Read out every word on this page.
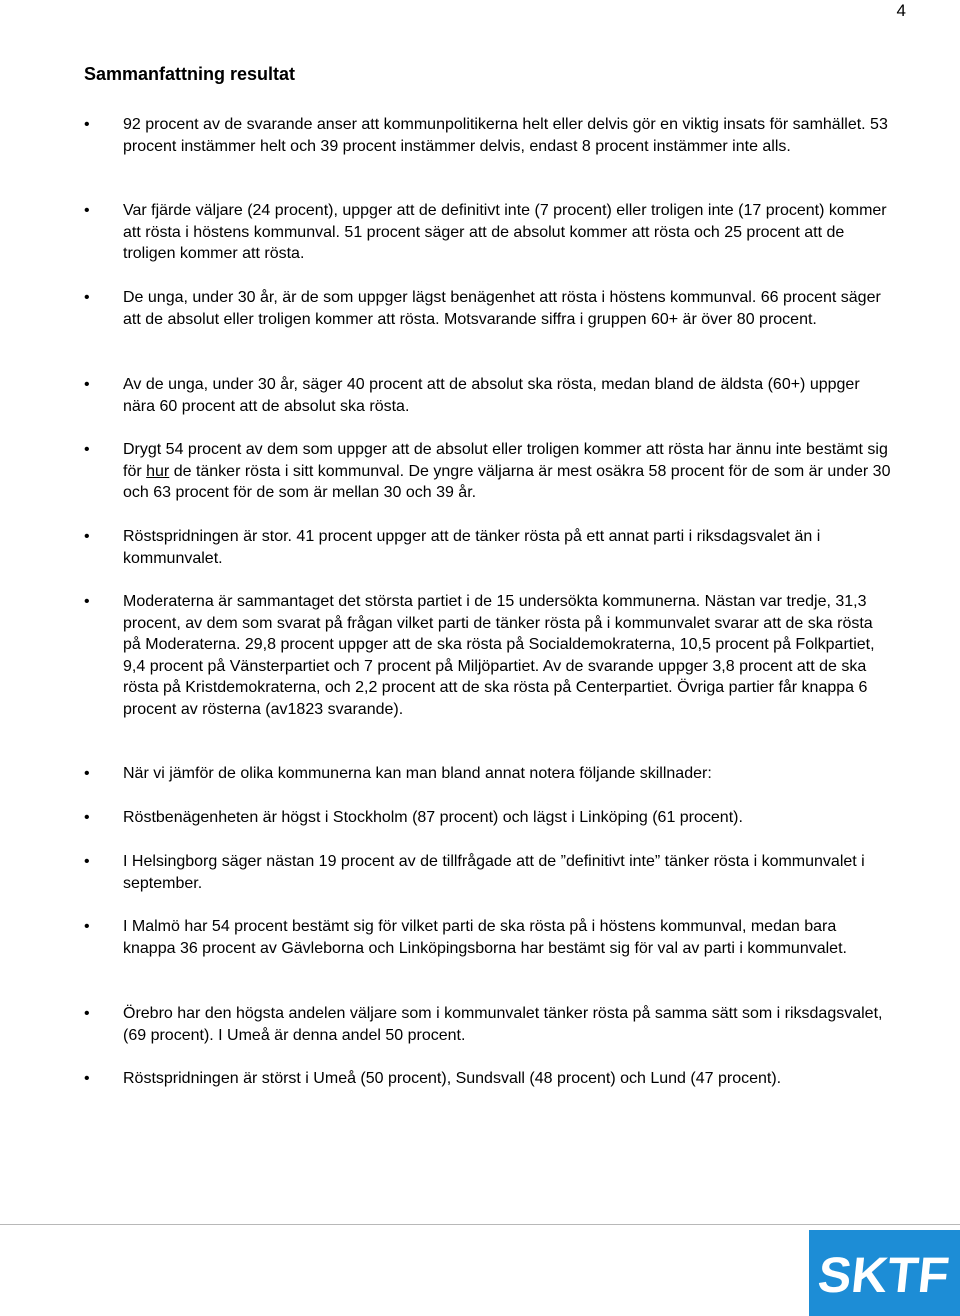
4
Sammanfattning resultat
• 92 procent av de svarande anser att kommunpolitikerna helt eller delvis gör en viktig insats för samhället. 53 procent instämmer helt och 39 procent instämmer delvis, endast 8 procent instämmer inte alls.
• Var fjärde väljare (24 procent), uppger att de definitivt inte (7 procent) eller troligen inte (17 procent) kommer att rösta i höstens kommunval. 51 procent säger att de absolut kommer att rösta och 25 procent att de troligen kommer att rösta.
• De unga, under 30 år, är de som uppger lägst benägenhet att rösta i höstens kommunval. 66 procent säger att de absolut eller troligen kommer att rösta. Motsvarande siffra i gruppen 60+ är över 80 procent.
• Av de unga, under 30 år, säger 40 procent att de absolut ska rösta, medan bland de äldsta (60+) uppger nära 60 procent att de absolut ska rösta.
• Drygt 54 procent av dem som uppger att de absolut eller troligen kommer att rösta har ännu inte bestämt sig för hur de tänker rösta i sitt kommunval. De yngre väljarna är mest osäkra 58 procent för de som är under 30 och 63 procent för de som är mellan 30 och 39 år.
• Röstspridningen är stor. 41 procent uppger att de tänker rösta på ett annat parti i riksdagsvalet än i kommunvalet.
• Moderaterna är sammantaget det största partiet i de 15 undersökta kommunerna. Nästan var tredje, 31,3 procent, av dem som svarat på frågan vilket parti de tänker rösta på i kommunvalet svarar att de ska rösta på Moderaterna. 29,8 procent uppger att de ska rösta på Socialdemokraterna, 10,5 procent på Folkpartiet, 9,4 procent på Vänsterpartiet och 7 procent på Miljöpartiet. Av de svarande uppger 3,8 procent att de ska rösta på Kristdemokraterna, och 2,2 procent att de ska rösta på Centerpartiet. Övriga partier får knappa 6 procent av rösterna (av1823 svarande).
• När vi jämför de olika kommunerna kan man bland annat notera följande skillnader:
• Röstbenägenheten är högst i Stockholm (87 procent) och lägst i Linköping (61 procent).
• I Helsingborg säger nästan 19 procent av de tillfrågade att de ”definitivt inte” tänker rösta i kommunvalet i september.
• I Malmö har 54 procent bestämt sig för vilket parti de ska rösta på i höstens kommunval, medan bara knappa 36 procent av Gävleborna och Linköpingsborna har bestämt sig för val av parti i kommunvalet.
• Örebro har den högsta andelen väljare som i kommunvalet tänker rösta på samma sätt som i riksdagsvalet, (69 procent). I Umeå är denna andel 50 procent.
• Röstspridningen är störst i Umeå (50 procent), Sundsvall (48 procent) och Lund (47 procent).
SKTF
